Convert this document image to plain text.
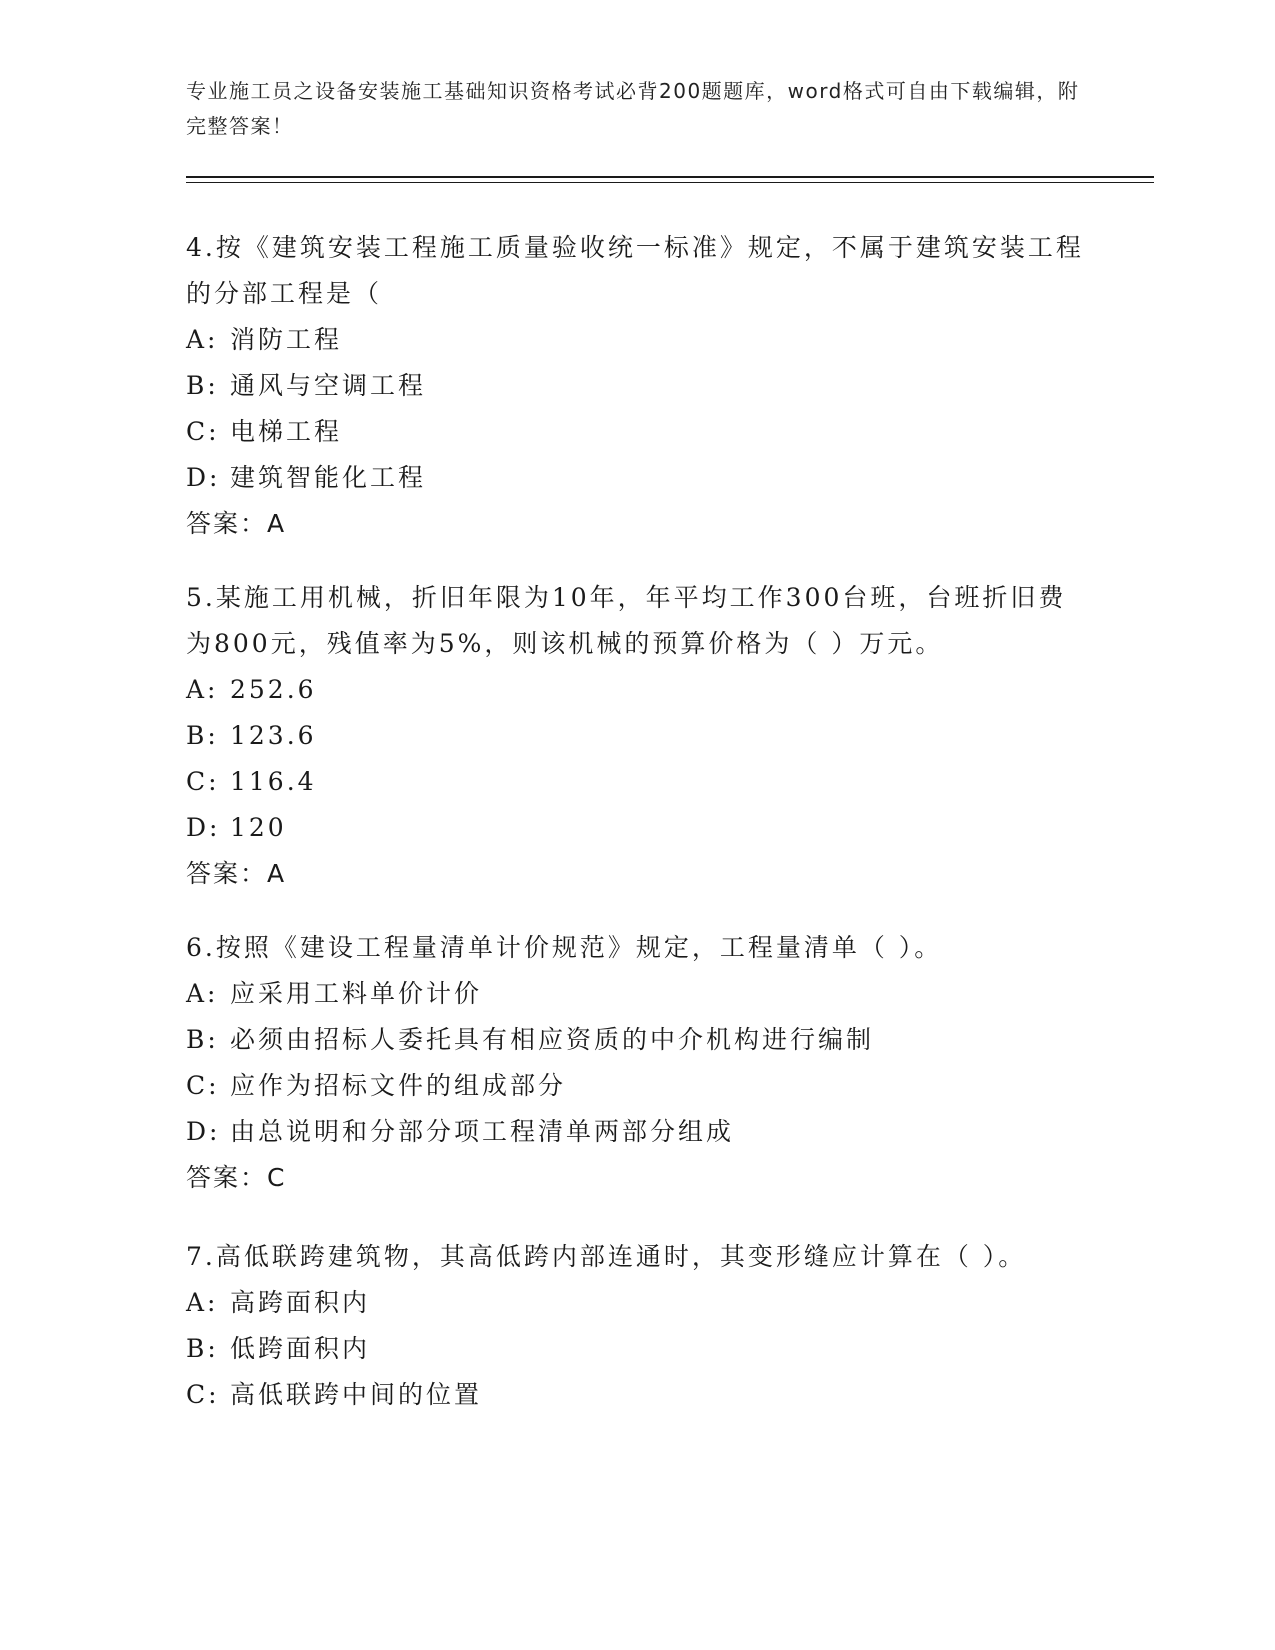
专业施工员之设备安装施工基础知识资格考试必背200题题库，word格式可自由下载编辑，附完整答案！
4.按《建筑安装工程施工质量验收统一标准》规定，不属于建筑安装工程的分部工程是（
A: 消防工程
B: 通风与空调工程
C: 电梯工程
D: 建筑智能化工程
答案：A
5.某施工用机械，折旧年限为10年，年平均工作300台班，台班折旧费为800元，残值率为5%，则该机械的预算价格为（ ）万元。
A: 252.6
B: 123.6
C: 116.4
D: 120
答案：A
6.按照《建设工程量清单计价规范》规定，工程量清单（ ）。
A: 应采用工料单价计价
B: 必须由招标人委托具有相应资质的中介机构进行编制
C: 应作为招标文件的组成部分
D: 由总说明和分部分项工程清单两部分组成
答案：C
7.高低联跨建筑物，其高低跨内部连通时，其变形缝应计算在（ ）。
A: 高跨面积内
B: 低跨面积内
C: 高低联跨中间的位置
